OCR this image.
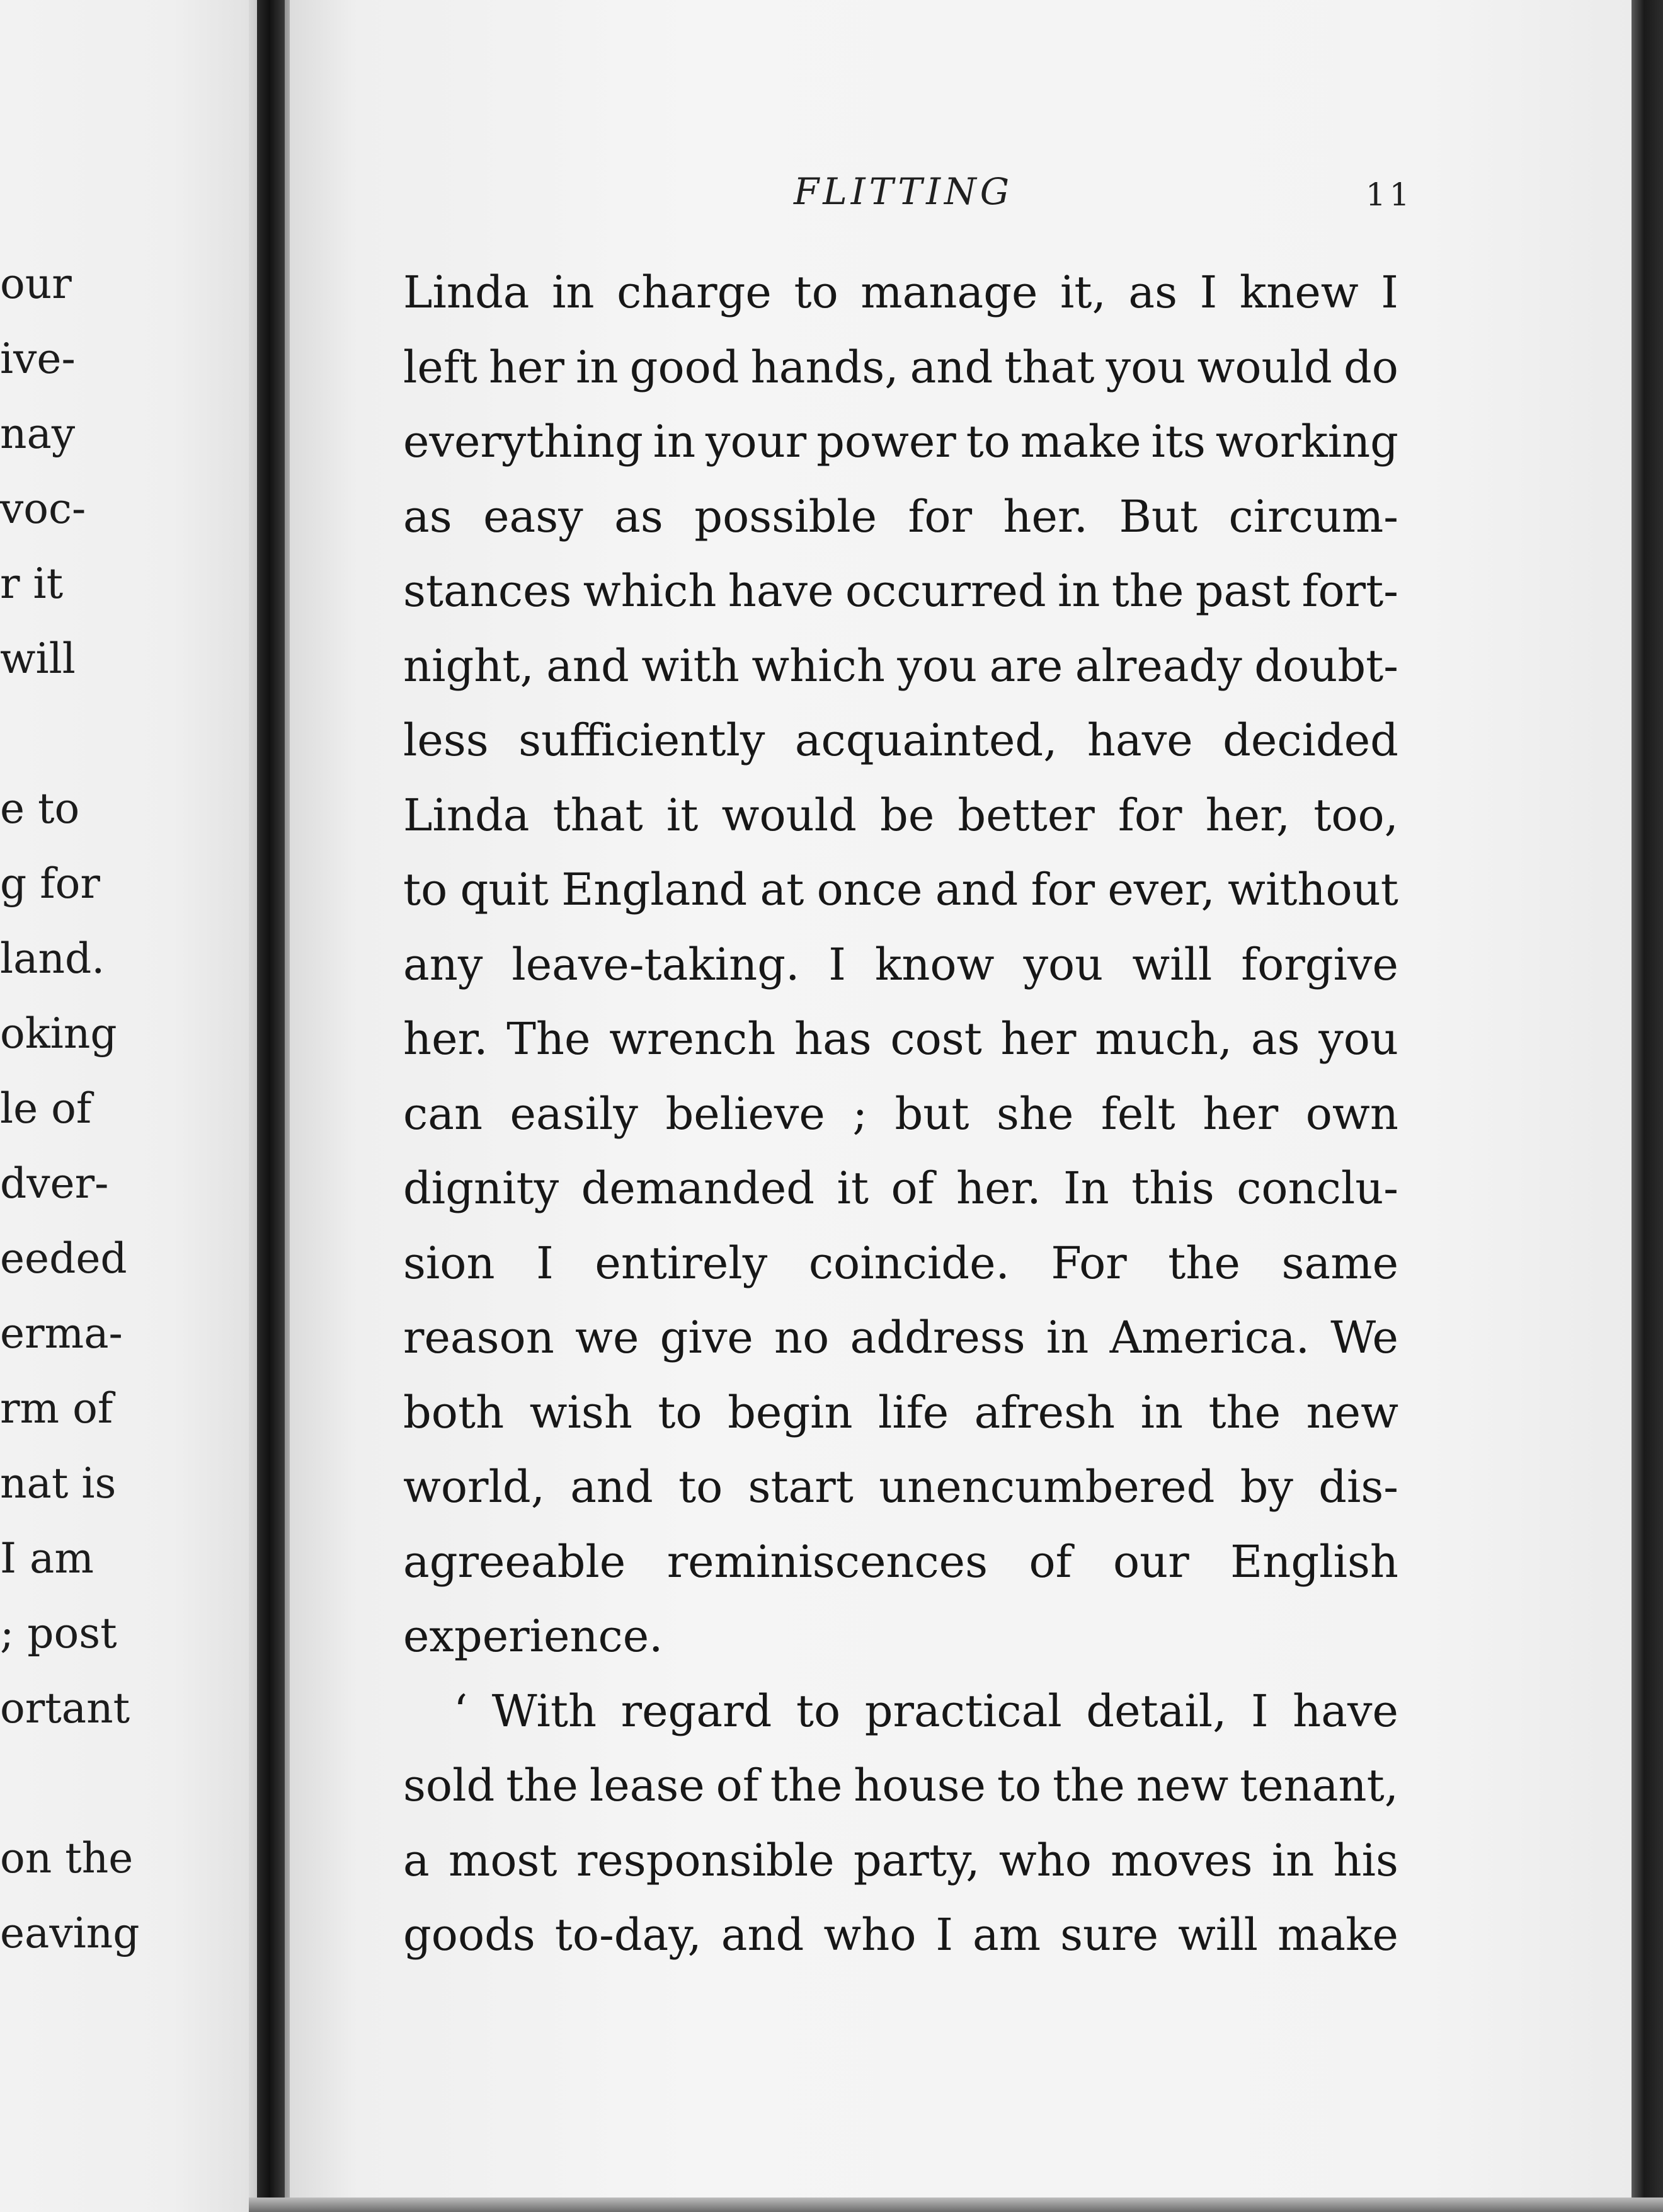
our
ive-
nay
voc-
r it
will
e to
g for
land.
oking
le of
dver-
eeded
erma-
rm of
nat is
I am
; post
ortant
on the
eaving
FLITTING	11
Linda in charge to manage it, as I knew I
left her in good hands, and that you would do
everything in your power to make its working
as easy as possible for her. But circum-
stances which have occurred in the past fort-
night, and with which you are already doubt-
less sufficiently acquainted, have decided
Linda that it would be better for her, too,
to quit England at once and for ever, without
any leave-taking. I know you will forgive
her. The wrench has cost her much, as you
can easily believe ; but she felt her own
dignity demanded it of her. In this conclu-
sion I entirely coincide. For the same
reason we give no address in America. We
both wish to begin life afresh in the new
world, and to start unencumbered by dis-
agreeable reminiscences of our English
experience.
‘ With regard to practical detail, I have
sold the lease of the house to the new tenant,
a most responsible party, who moves in his
goods to-day, and who I am sure will make
